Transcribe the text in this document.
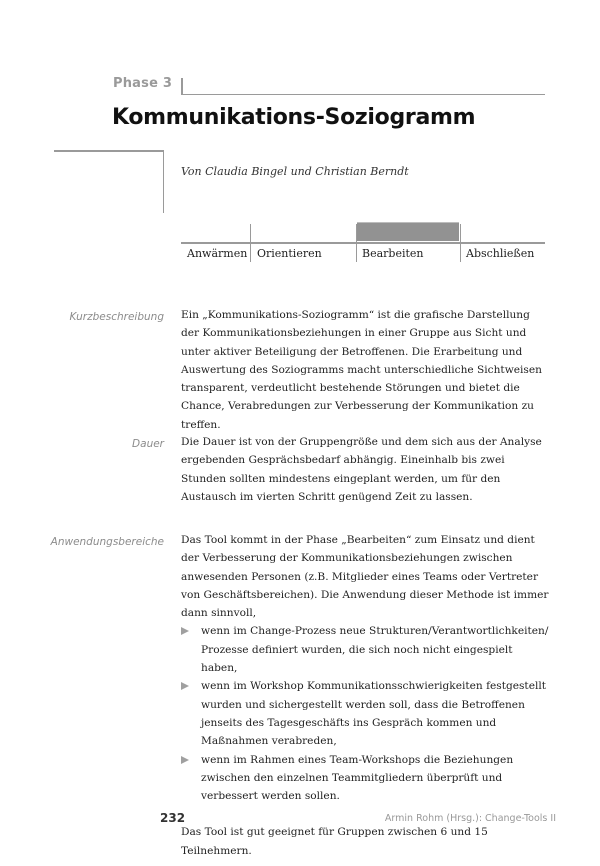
Phase 3
Kommunikations-Soziogramm
Von Claudia Bingel und Christian Berndt
Anwärmen Orientieren	Bearbeiten	Abschließen
Kurzbeschreibung Ein „Kommunikations-Soziogramm“ ist die grafische Darstellung der Kommunikationsbeziehungen in einer Gruppe aus Sicht und unter aktiver Beteiligung der Betroffenen. Die Erarbeitung und Auswertung des Soziogramms macht unterschiedliche Sichtweisen transparent, verdeutlicht bestehende Störungen und bietet die Chance, Verabredungen zur Verbesserung der Kommunikation zu treffen.

Dauer Die Dauer ist von der Gruppengröße und dem sich aus der Analyse ergebenden Gesprächsbedarf abhängig. Eineinhalb bis zwei Stunden sollten mindestens eingeplant werden, um für den Austausch im vierten Schritt genügend Zeit zu lassen.

Anwendungsbereiche Das Tool kommt in der Phase „Bearbeiten“ zum Einsatz und dient der Verbesserung der Kommunikationsbeziehungen zwischen anwesenden Personen (z.B. Mitglieder eines Teams oder Vertreter von Geschäftsbereichen). Die Anwendung dieser Methode ist immer dann sinnvoll,

wenn im Change-Prozess neue Strukturen/Verantwortlichkeiten/ Prozesse definiert wurden, die sich noch nicht eingespielt haben,
wenn im Workshop Kommunikationsschwierigkeiten festgestellt wurden und sichergestellt werden soll, dass die Betroffenen jenseits des Tagesgeschäfts ins Gespräch kommen und Maßnahmen verabreden,
wenn im Rahmen eines Team-Workshops die Beziehungen zwischen den einzelnen Teammitgliedern überprüft und verbessert werden sollen.

Das Tool ist gut geeignet für Gruppen zwischen 6 und 15 Teilnehmern.

232	Armin Rohm (Hrsg.): Change-Tools II
